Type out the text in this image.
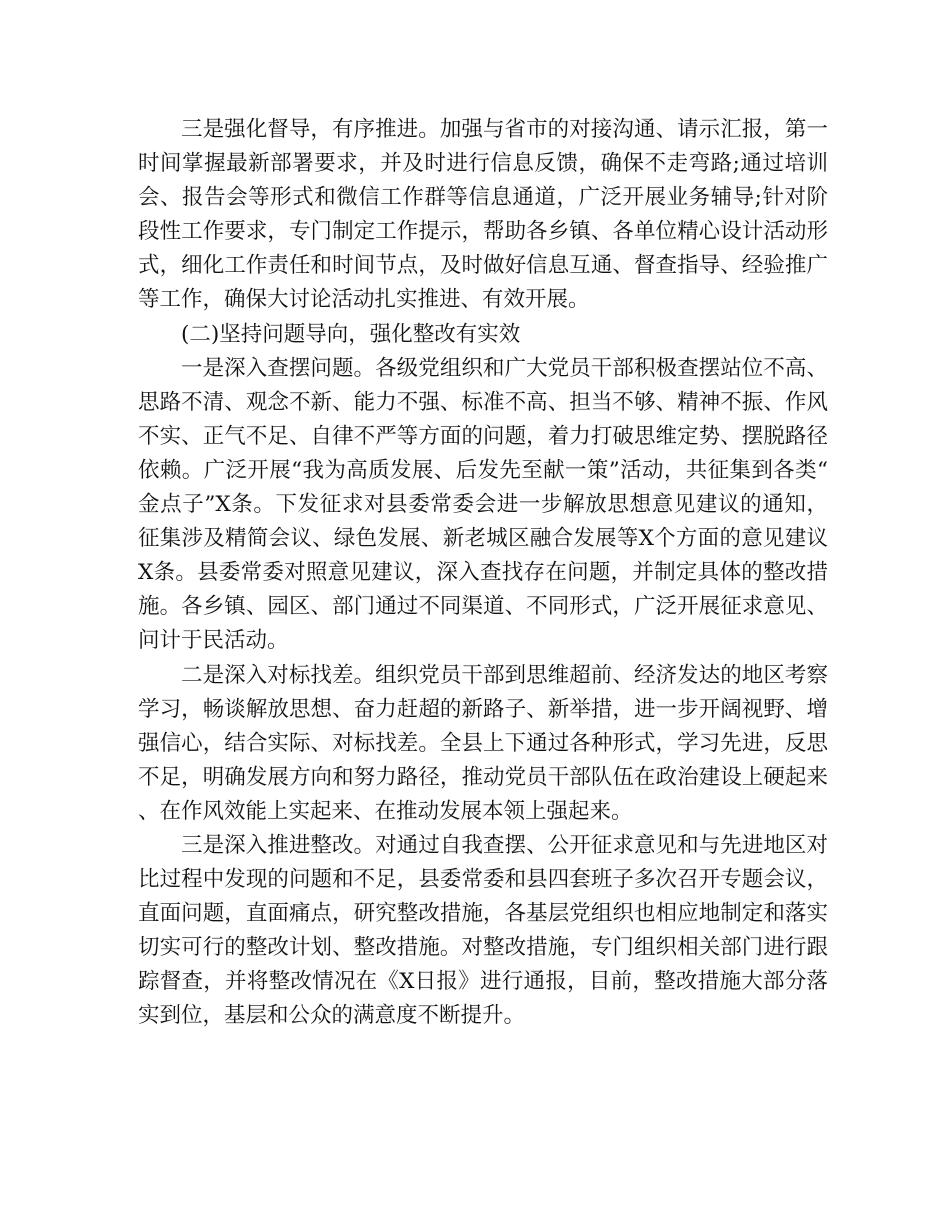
三是强化督导，有序推进。加强与省市的对接沟通、请示汇报，第一时间掌握最新部署要求，并及时进行信息反馈，确保不走弯路;通过培训会、报告会等形式和微信工作群等信息通道，广泛开展业务辅导;针对阶段性工作要求，专门制定工作提示，帮助各乡镇、各单位精心设计活动形式，细化工作责任和时间节点，及时做好信息互通、督查指导、经验推广等工作，确保大讨论活动扎实推进、有效开展。

(二)坚持问题导向，强化整改有实效

一是深入查摆问题。各级党组织和广大党员干部积极查摆站位不高、思路不清、观念不新、能力不强、标准不高、担当不够、精神不振、作风不实、正气不足、自律不严等方面的问题，着力打破思维定势、摆脱路径依赖。广泛开展“我为高质发展、后发先至献一策”活动，共征集到各类“金点子”X条。下发征求对县委常委会进一步解放思想意见建议的通知，征集涉及精简会议、绿色发展、新老城区融合发展等X个方面的意见建议X条。县委常委对照意见建议，深入查找存在问题，并制定具体的整改措施。各乡镇、园区、部门通过不同渠道、不同形式，广泛开展征求意见、问计于民活动。

二是深入对标找差。组织党员干部到思维超前、经济发达的地区考察学习，畅谈解放思想、奋力赶超的新路子、新举措，进一步开阔视野、增强信心，结合实际、对标找差。全县上下通过各种形式，学习先进，反思不足，明确发展方向和努力路径，推动党员干部队伍在政治建设上硬起来、在作风效能上实起来、在推动发展本领上强起来。

三是深入推进整改。对通过自我查摆、公开征求意见和与先进地区对比过程中发现的问题和不足，县委常委和县四套班子多次召开专题会议，直面问题，直面痛点，研究整改措施，各基层党组织也相应地制定和落实切实可行的整改计划、整改措施。对整改措施，专门组织相关部门进行跟踪督查，并将整改情况在《X日报》进行通报，目前，整改措施大部分落实到位，基层和公众的满意度不断提升。
